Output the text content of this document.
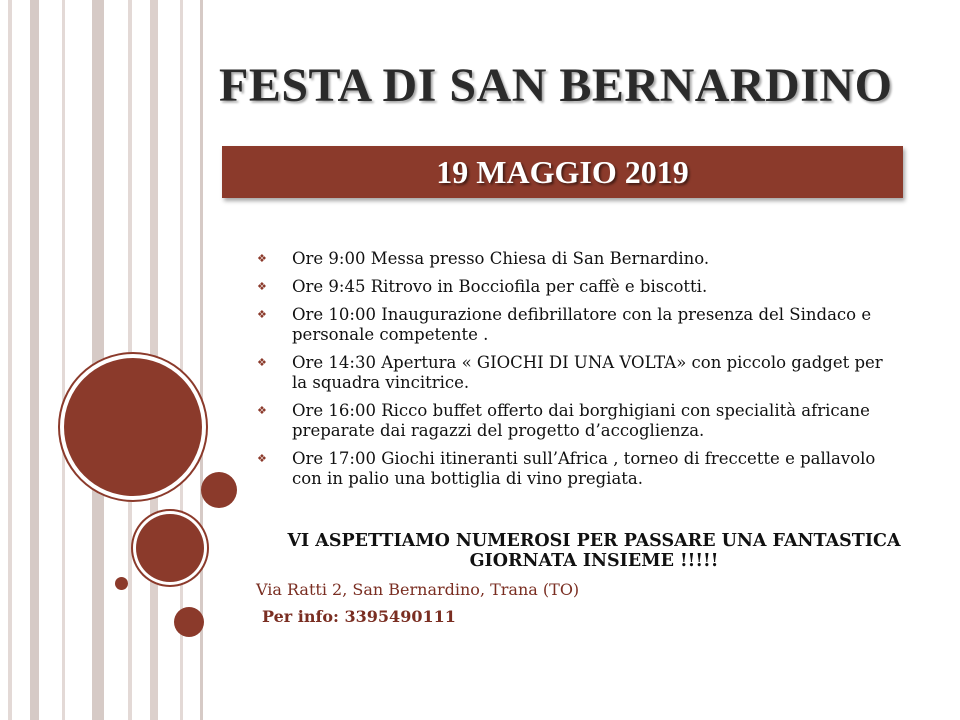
FESTA DI SAN BERNARDINO
19 MAGGIO 2019
❖ Ore 9:00 Messa presso Chiesa di San Bernardino.
❖ Ore 9:45 Ritrovo in Bocciofila per caffè e biscotti.
❖ Ore 10:00 Inaugurazione defibrillatore con la presenza del Sindaco e personale competente .
❖ Ore 14:30 Apertura « GIOCHI DI UNA VOLTA» con piccolo gadget per la squadra vincitrice.
❖ Ore 16:00 Ricco buffet offerto dai borghigiani con specialità africane preparate dai ragazzi del progetto d’accoglienza.
❖ Ore 17:00 Giochi itineranti sull’Africa , torneo di freccette e pallavolo con in palio una bottiglia di vino pregiata.
VI ASPETTIAMO NUMEROSI PER PASSARE UNA FANTASTICA GIORNATA INSIEME !!!!!
Via Ratti 2, San Bernardino, Trana (TO)
Per info: 3395490111
